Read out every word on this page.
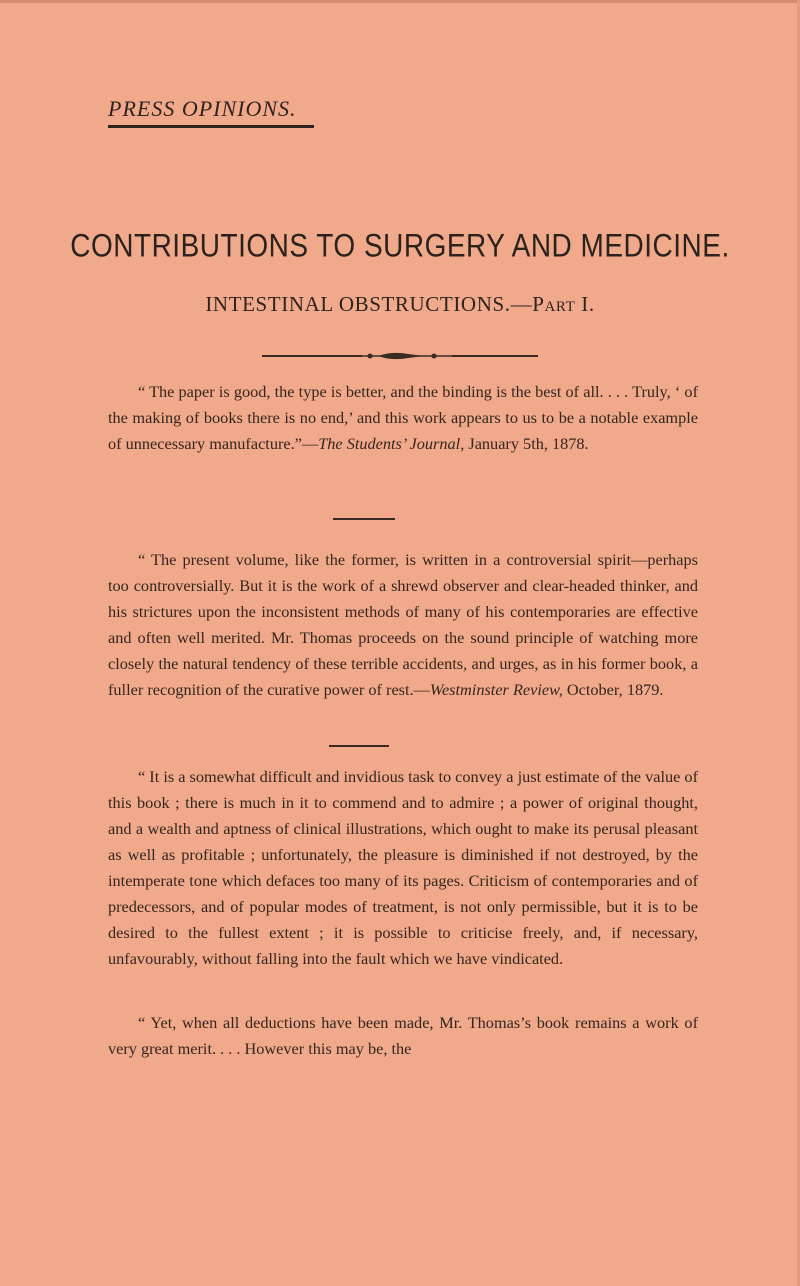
PRESS OPINIONS.
CONTRIBUTIONS TO SURGERY AND MEDICINE.
INTESTINAL OBSTRUCTIONS.—Part I.

“ The paper is good, the type is better, and the binding is the best of all. . . . Truly, ‘ of the making of books there is no end,’ and this work appears to us to be a notable example of unnecessary manufacture.”—The Students’ Journal, January 5th, 1878.

“ The present volume, like the former, is written in a controversial spirit—perhaps too controversially. But it is the work of a shrewd observer and clear-headed thinker, and his strictures upon the inconsistent methods of many of his contemporaries are effective and often well merited. Mr. Thomas proceeds on the sound principle of watching more closely the natural tendency of these terrible accidents, and urges, as in his former book, a fuller recognition of the curative power of rest.—Westminster Review, October, 1879.

“ It is a somewhat difficult and invidious task to convey a just estimate of the value of this book ; there is much in it to commend and to admire ; a power of original thought, and a wealth and aptness of clinical illustrations, which ought to make its perusal pleasant as well as profitable ; unfortunately, the pleasure is diminished if not destroyed, by the intemperate tone which defaces too many of its pages. Criticism of contemporaries and of predecessors, and of popular modes of treatment, is not only permissible, but it is to be desired to the fullest extent ; it is possible to criticise freely, and, if necessary, unfavourably, without falling into the fault which we have vindicated.

“ Yet, when all deductions have been made, Mr. Thomas’s book remains a work of very great merit. . . . However this may be, the
